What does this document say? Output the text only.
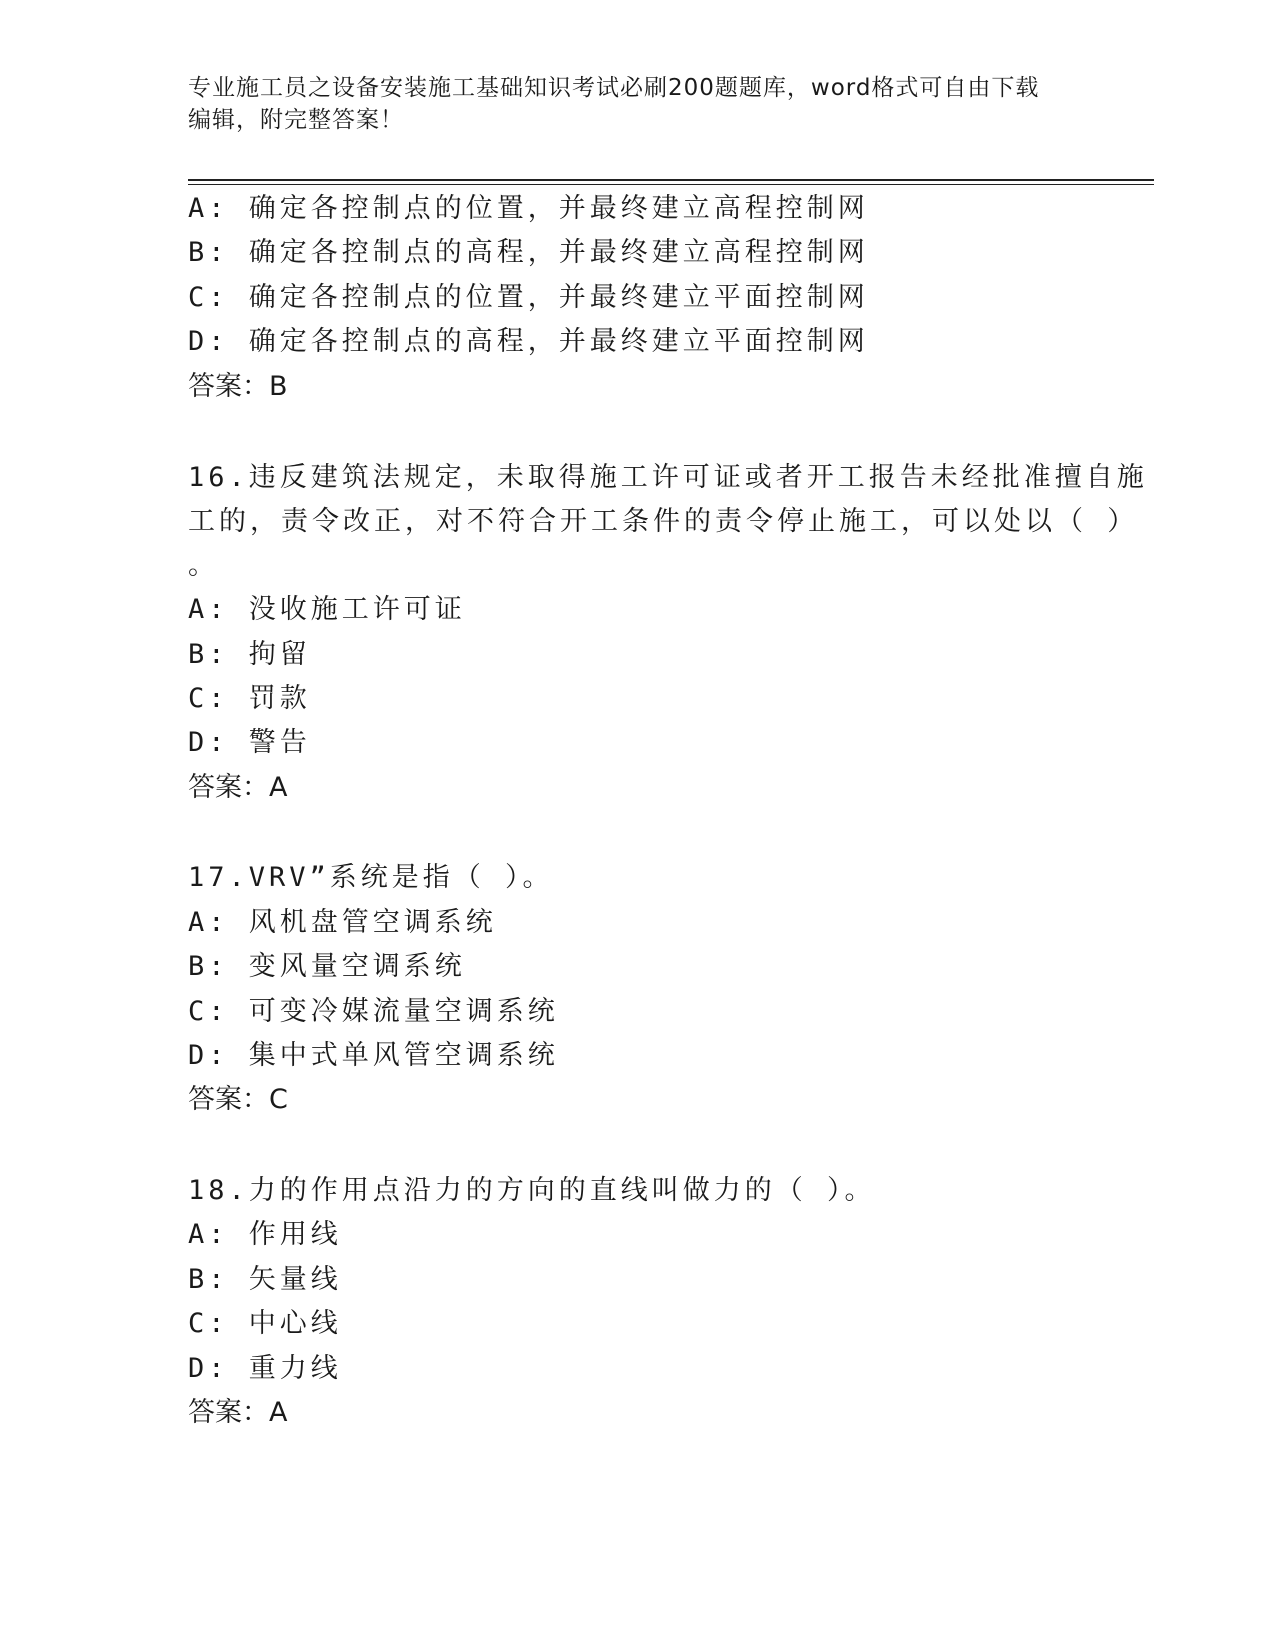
专业施工员之设备安装施工基础知识考试必刷200题题库，word格式可自由下载
编辑，附完整答案！
A: 确定各控制点的位置，并最终建立高程控制网
B: 确定各控制点的高程，并最终建立高程控制网
C: 确定各控制点的位置，并最终建立平面控制网
D: 确定各控制点的高程，并最终建立平面控制网
答案：B
16.违反建筑法规定，未取得施工许可证或者开工报告未经批准擅自施
工的，责令改正，对不符合开工条件的责令停止施工，可以处以（ ）
。
A: 没收施工许可证
B: 拘留
C: 罚款
D: 警告
答案：A
17.VRV”系统是指（ ）。
A: 风机盘管空调系统
B: 变风量空调系统
C: 可变冷媒流量空调系统
D: 集中式单风管空调系统
答案：C
18.力的作用点沿力的方向的直线叫做力的（ ）。
A: 作用线
B: 矢量线
C: 中心线
D: 重力线
答案：A
